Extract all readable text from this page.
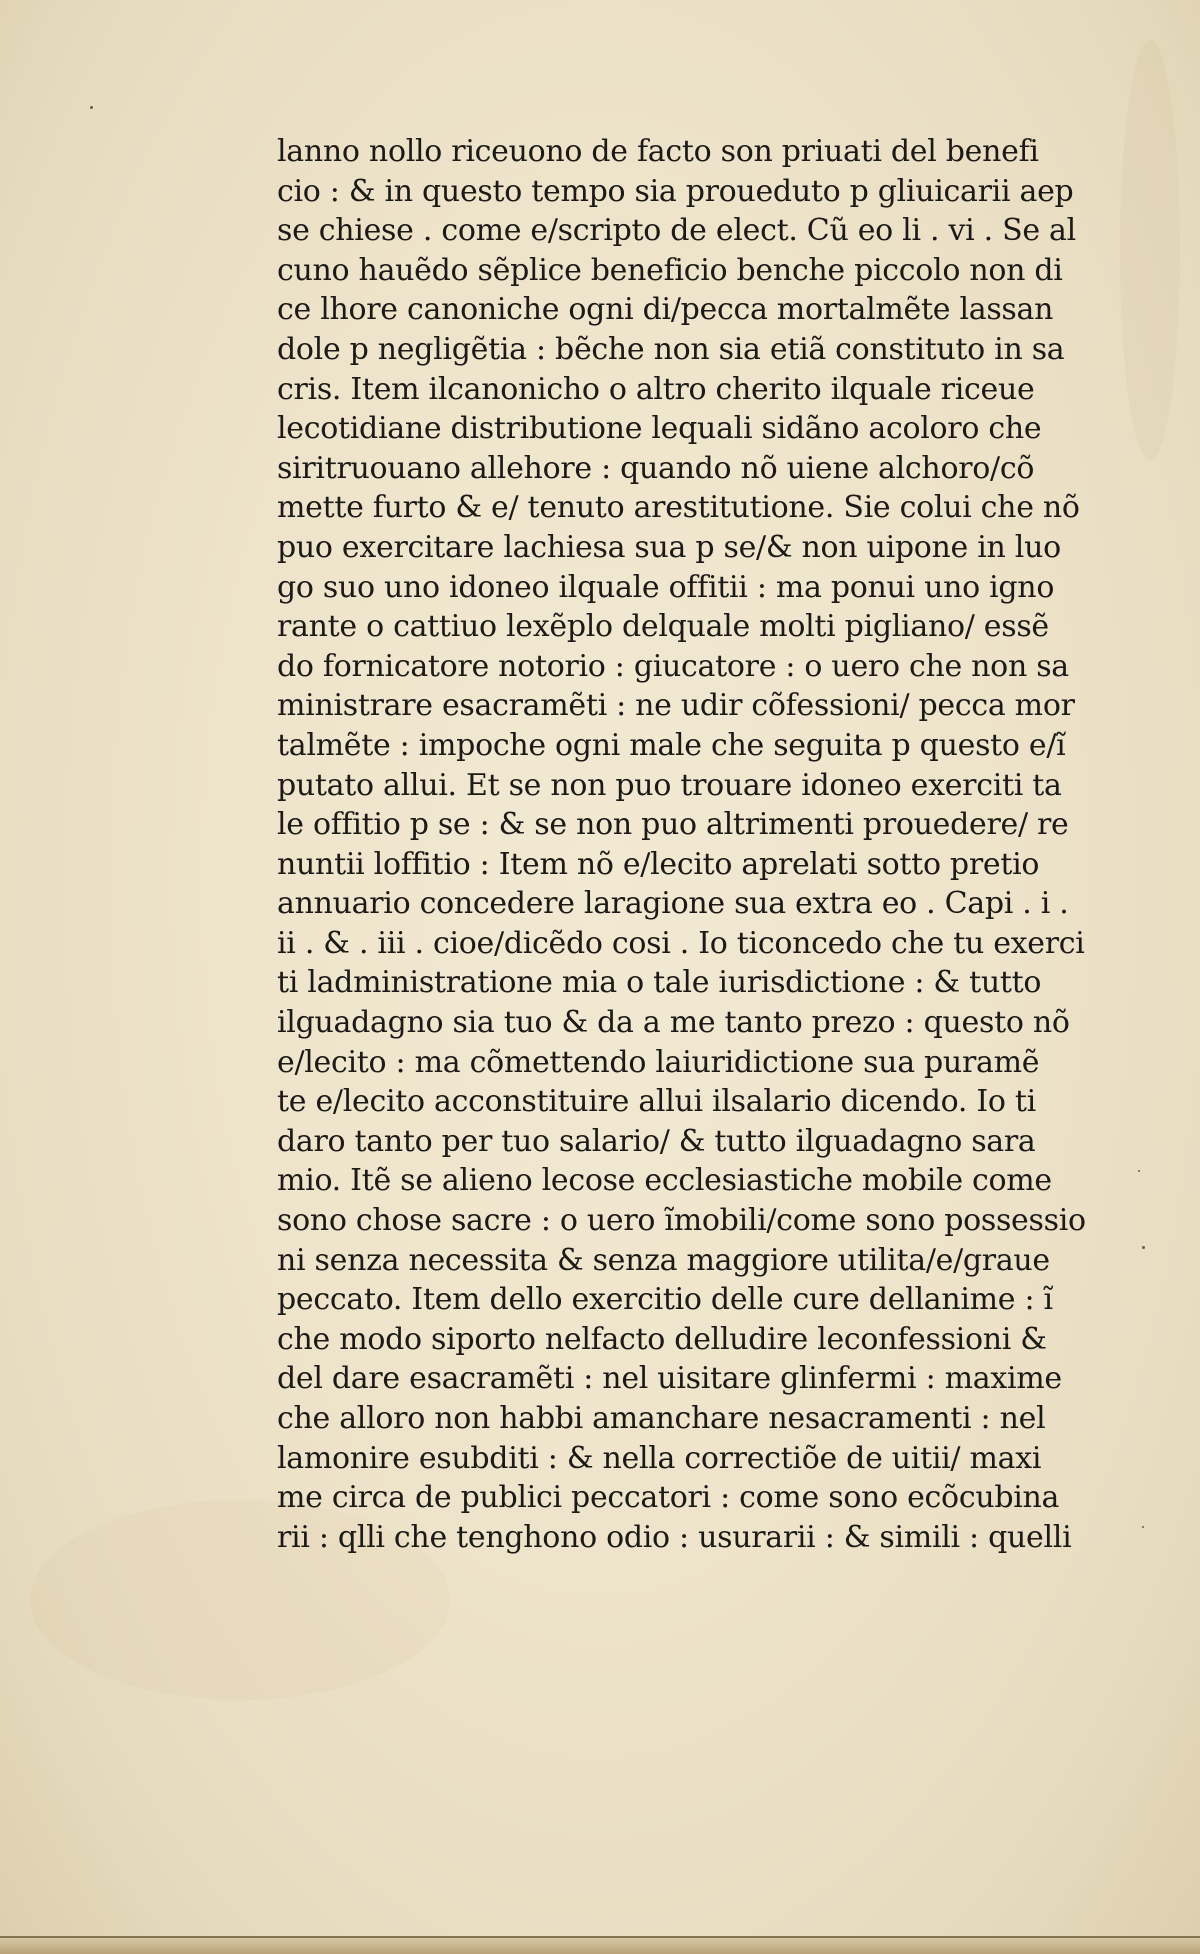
lanno nollo riceuono de facto son priuati del benefi
cio : & in questo tempo sia proueduto p gliuicarii aep
se chiese . come e/scripto de elect. Cũ eo li . vi . Se al
cuno hauẽdo sẽplice beneficio benche piccolo non di
ce lhore canoniche ogni di/pecca mortalmẽte lassan
dole p negligẽtia : bẽche non sia etiã constituto in sa
cris. Item ilcanonicho o altro cherito ilquale riceue
lecotidiane distributione lequali sidãno acoloro che
siritruouano allehore : quando nõ uiene alchoro/cõ
mette furto & e/ tenuto arestitutione. Sie colui che nõ
puo exercitare lachiesa sua p se/& non uipone in luo
go suo uno idoneo ilquale offitii : ma ponui uno igno
rante o cattiuo lexẽplo delquale molti pigliano/ essẽ
do fornicatore notorio : giucatore : o uero che non sa
ministrare esacramẽti : ne udir cõfessioni/ pecca mor
talmẽte : impoche ogni male che seguita p questo e/ĩ
putato allui. Et se non puo trouare idoneo exerciti ta
le offitio p se : & se non puo altrimenti prouedere/ re
nuntii loffitio : Item nõ e/lecito aprelati sotto pretio
annuario concedere laragione sua extra eo . Capi . i .
ii . & . iii . cioe/dicẽdo cosi . Io ticoncedo che tu exerci
ti ladministratione mia o tale iurisdictione : & tutto
ilguadagno sia tuo & da a me tanto prezo : questo nõ
e/lecito : ma cõmettendo laiuridictione sua puramẽ
te e/lecito acconstituire allui ilsalario dicendo. Io ti
daro tanto per tuo salario/ & tutto ilguadagno sara
mio. Itẽ se alieno lecose ecclesiastiche mobile come
sono chose sacre : o uero ĩmobili/come sono possessio
ni senza necessita & senza maggiore utilita/e/graue
peccato. Item dello exercitio delle cure dellanime : ĩ
che modo siporto nelfacto delludire leconfessioni &
del dare esacramẽti : nel uisitare glinfermi : maxime
che alloro non habbi amanchare nesacramenti : nel
lamonire esubditi : & nella correctiõe de uitii/ maxi
me circa de publici peccatori : come sono ecõcubina
rii : qlli che tenghono odio : usurarii : & simili : quelli
